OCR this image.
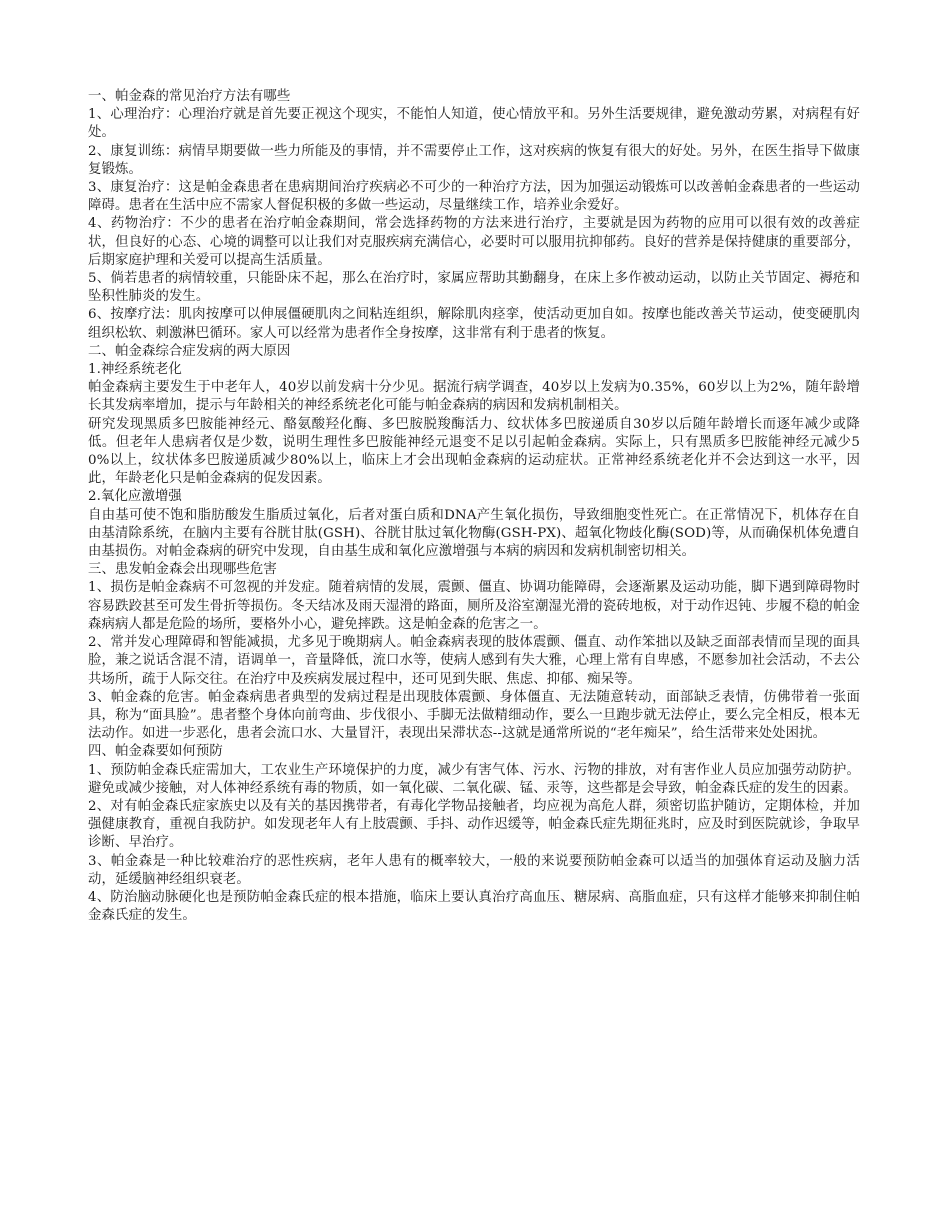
一、帕金森的常见治疗方法有哪些

1、心理治疗：心理治疗就是首先要正视这个现实，不能怕人知道，使心情放平和。另外生活要规律，避免激动劳累，对病程有好处。

2、康复训练：病情早期要做一些力所能及的事情，并不需要停止工作，这对疾病的恢复有很大的好处。另外，在医生指导下做康复锻炼。

3、康复治疗：这是帕金森患者在患病期间治疗疾病必不可少的一种治疗方法，因为加强运动锻炼可以改善帕金森患者的一些运动障碍。患者在生活中应不需家人督促积极的多做一些运动，尽量继续工作，培养业余爱好。

4、药物治疗：不少的患者在治疗帕金森期间，常会选择药物的方法来进行治疗，主要就是因为药物的应用可以很有效的改善症状，但良好的心态、心境的调整可以让我们对克服疾病充满信心，必要时可以服用抗抑郁药。良好的营养是保持健康的重要部分，后期家庭护理和关爱可以提高生活质量。

5、倘若患者的病情较重，只能卧床不起，那么在治疗时，家属应帮助其勤翻身，在床上多作被动运动，以防止关节固定、褥疮和坠积性肺炎的发生。

6、按摩疗法：肌肉按摩可以伸展僵硬肌肉之间粘连组织，解除肌肉痉挛，使活动更加自如。按摩也能改善关节运动，使变硬肌肉组织松软、刺激淋巴循环。家人可以经常为患者作全身按摩，这非常有利于患者的恢复。

二、帕金森综合症发病的两大原因

1.神经系统老化

帕金森病主要发生于中老年人，40岁以前发病十分少见。据流行病学调查，40岁以上发病为0.35%，60岁以上为2%，随年龄增长其发病率增加，提示与年龄相关的神经系统老化可能与帕金森病的病因和发病机制相关。

研究发现黑质多巴胺能神经元、酪氨酸羟化酶、多巴胺脱羧酶活力、纹状体多巴胺递质自30岁以后随年龄增长而逐年减少或降低。但老年人患病者仅是少数，说明生理性多巴胺能神经元退变不足以引起帕金森病。实际上，只有黑质多巴胺能神经元减少50%以上，纹状体多巴胺递质减少80%以上，临床上才会出现帕金森病的运动症状。正常神经系统老化并不会达到这一水平，因此，年龄老化只是帕金森病的促发因素。

2.氧化应激增强

自由基可使不饱和脂肪酸发生脂质过氧化，后者对蛋白质和DNA产生氧化损伤，导致细胞变性死亡。在正常情况下，机体存在自由基清除系统，在脑内主要有谷胱甘肽(GSH)、谷胱甘肽过氧化物酶(GSH-PX)、超氧化物歧化酶(SOD)等，从而确保机体免遭自由基损伤。对帕金森病的研究中发现，自由基生成和氧化应激增强与本病的病因和发病机制密切相关。

三、患发帕金森会出现哪些危害

1、损伤是帕金森病不可忽视的并发症。随着病情的发展，震颤、僵直、协调功能障碍，会逐渐累及运动功能，脚下遇到障碍物时容易跌跤甚至可发生骨折等损伤。冬天结冰及雨天湿滑的路面，厕所及浴室潮湿光滑的瓷砖地板，对于动作迟钝、步履不稳的帕金森病病人都是危险的场所，要格外小心，避免摔跌。这是帕金森的危害之一。

2、常并发心理障碍和智能减损，尤多见于晚期病人。帕金森病表现的肢体震颤、僵直、动作笨拙以及缺乏面部表情而呈现的面具脸，兼之说话含混不清，语调单一，音量降低，流口水等，使病人感到有失大雅，心理上常有自卑感，不愿参加社会活动，不去公共场所，疏于人际交往。在治疗中及疾病发展过程中，还可见到失眠、焦虑、抑郁、痴呆等。

3、帕金森的危害。帕金森病患者典型的发病过程是出现肢体震颤、身体僵直、无法随意转动，面部缺乏表情，仿佛带着一张面具，称为“面具脸”。患者整个身体向前弯曲、步伐很小、手脚无法做精细动作，要么一旦跑步就无法停止，要么完全相反，根本无法动作。如进一步恶化，患者会流口水、大量冒汗，表现出呆滞状态--这就是通常所说的“老年痴呆”，给生活带来处处困扰。

四、帕金森要如何预防

1、预防帕金森氏症需加大，工农业生产环境保护的力度，减少有害气体、污水、污物的排放，对有害作业人员应加强劳动防护。避免或减少接触，对人体神经系统有毒的物质，如一氧化碳、二氧化碳、锰、汞等，这些都是会导致，帕金森氏症的发生的因素。

2、对有帕金森氏症家族史以及有关的基因携带者，有毒化学物品接触者，均应视为高危人群，须密切监护随访，定期体检，并加强健康教育，重视自我防护。如发现老年人有上肢震颤、手抖、动作迟缓等，帕金森氏症先期征兆时，应及时到医院就诊，争取早诊断、早治疗。

3、帕金森是一种比较难治疗的恶性疾病，老年人患有的概率较大，一般的来说要预防帕金森可以适当的加强体育运动及脑力活动，延缓脑神经组织衰老。

4、防治脑动脉硬化也是预防帕金森氏症的根本措施，临床上要认真治疗高血压、糖尿病、高脂血症，只有这样才能够来抑制住帕金森氏症的发生。
